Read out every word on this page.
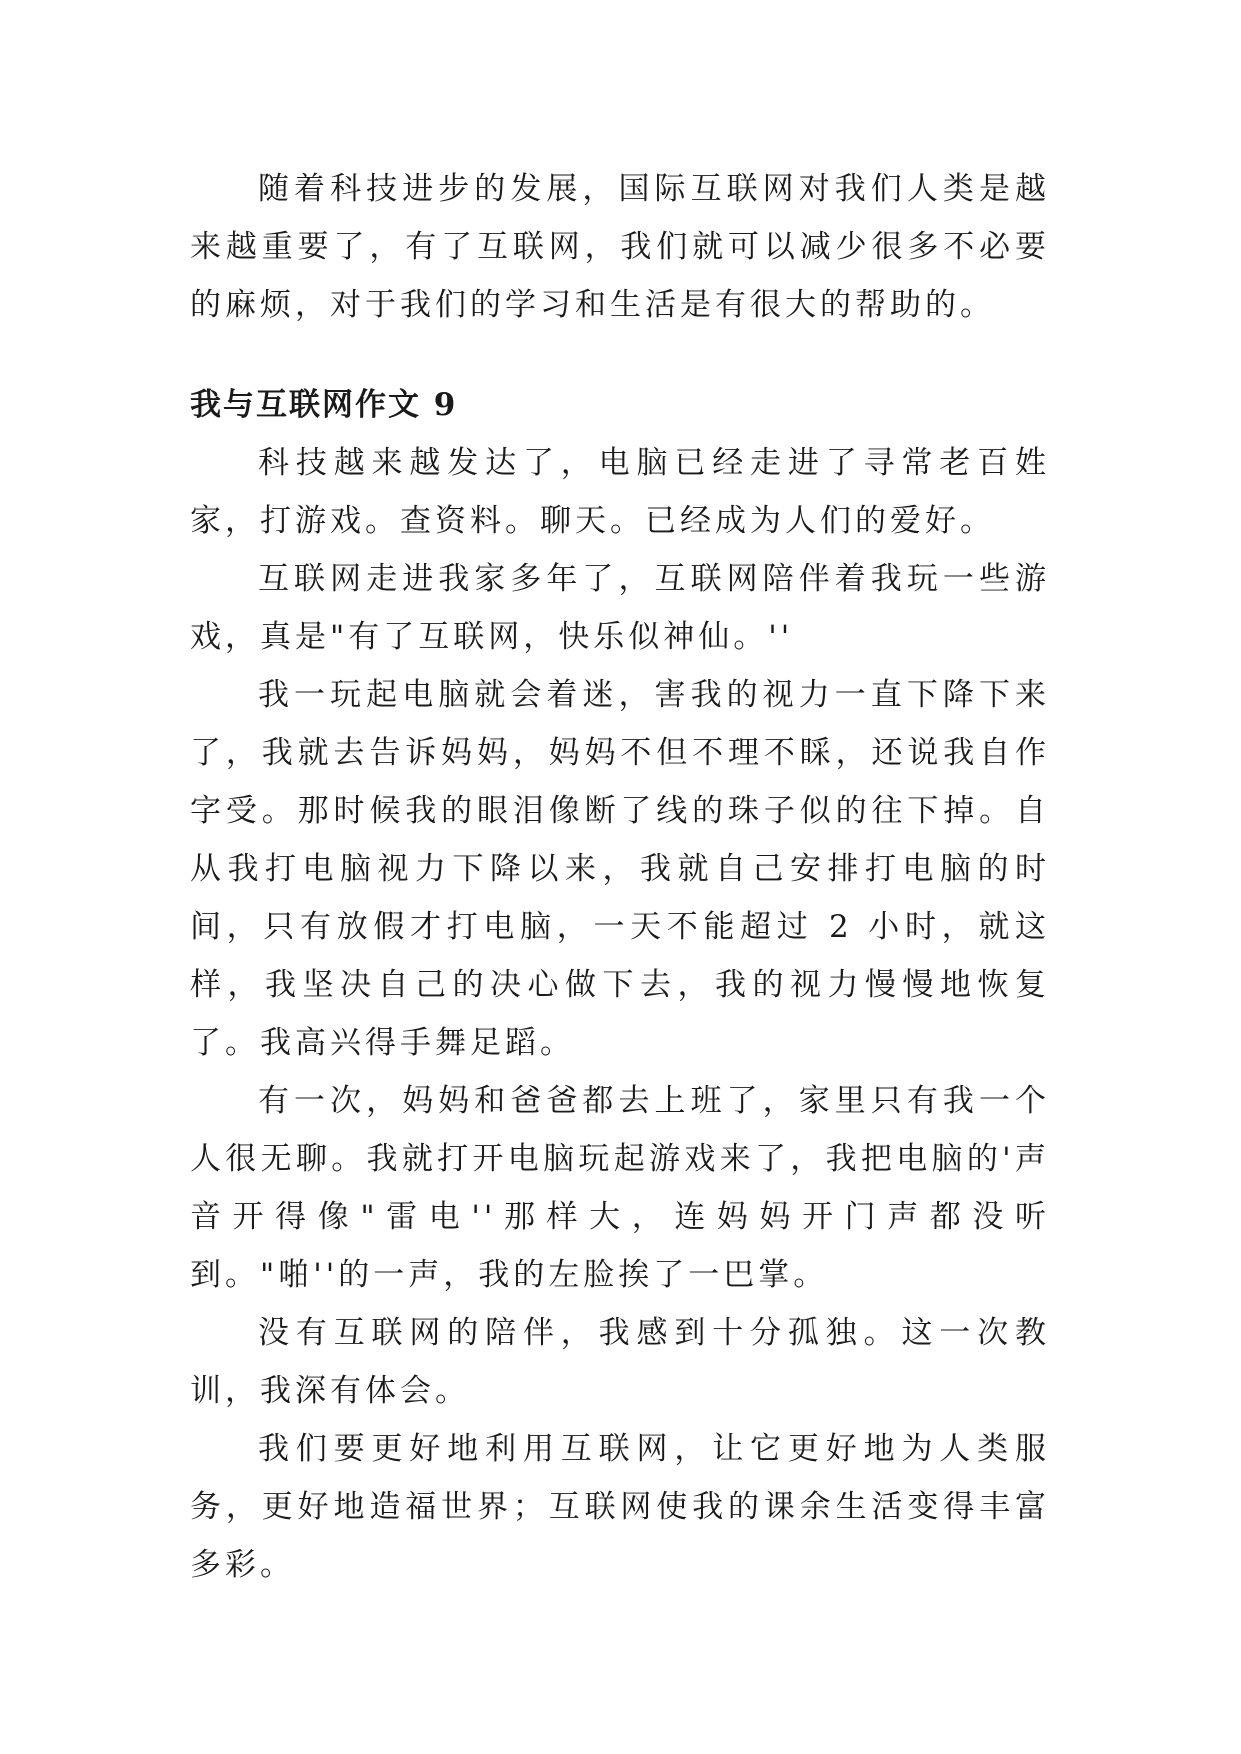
随着科技进步的发展，国际互联网对我们人类是越来越重要了，有了互联网，我们就可以减少很多不必要的麻烦，对于我们的学习和生活是有很大的帮助的。

我与互联网作文 9

科技越来越发达了，电脑已经走进了寻常老百姓家，打游戏。查资料。聊天。已经成为人们的爱好。

互联网走进我家多年了，互联网陪伴着我玩一些游戏，真是"有了互联网，快乐似神仙。''

我一玩起电脑就会着迷，害我的视力一直下降下来了，我就去告诉妈妈，妈妈不但不理不睬，还说我自作字受。那时候我的眼泪像断了线的珠子似的往下掉。自从我打电脑视力下降以来，我就自己安排打电脑的时间，只有放假才打电脑，一天不能超过 2 小时，就这样，我坚决自己的决心做下去，我的视力慢慢地恢复了。我高兴得手舞足蹈。

有一次，妈妈和爸爸都去上班了，家里只有我一个人很无聊。我就打开电脑玩起游戏来了，我把电脑的'声音开得像"雷电''那样大，连妈妈开门声都没听到。"啪''的一声，我的左脸挨了一巴掌。

没有互联网的陪伴，我感到十分孤独。这一次教训，我深有体会。

我们要更好地利用互联网，让它更好地为人类服务，更好地造福世界；互联网使我的课余生活变得丰富多彩。
